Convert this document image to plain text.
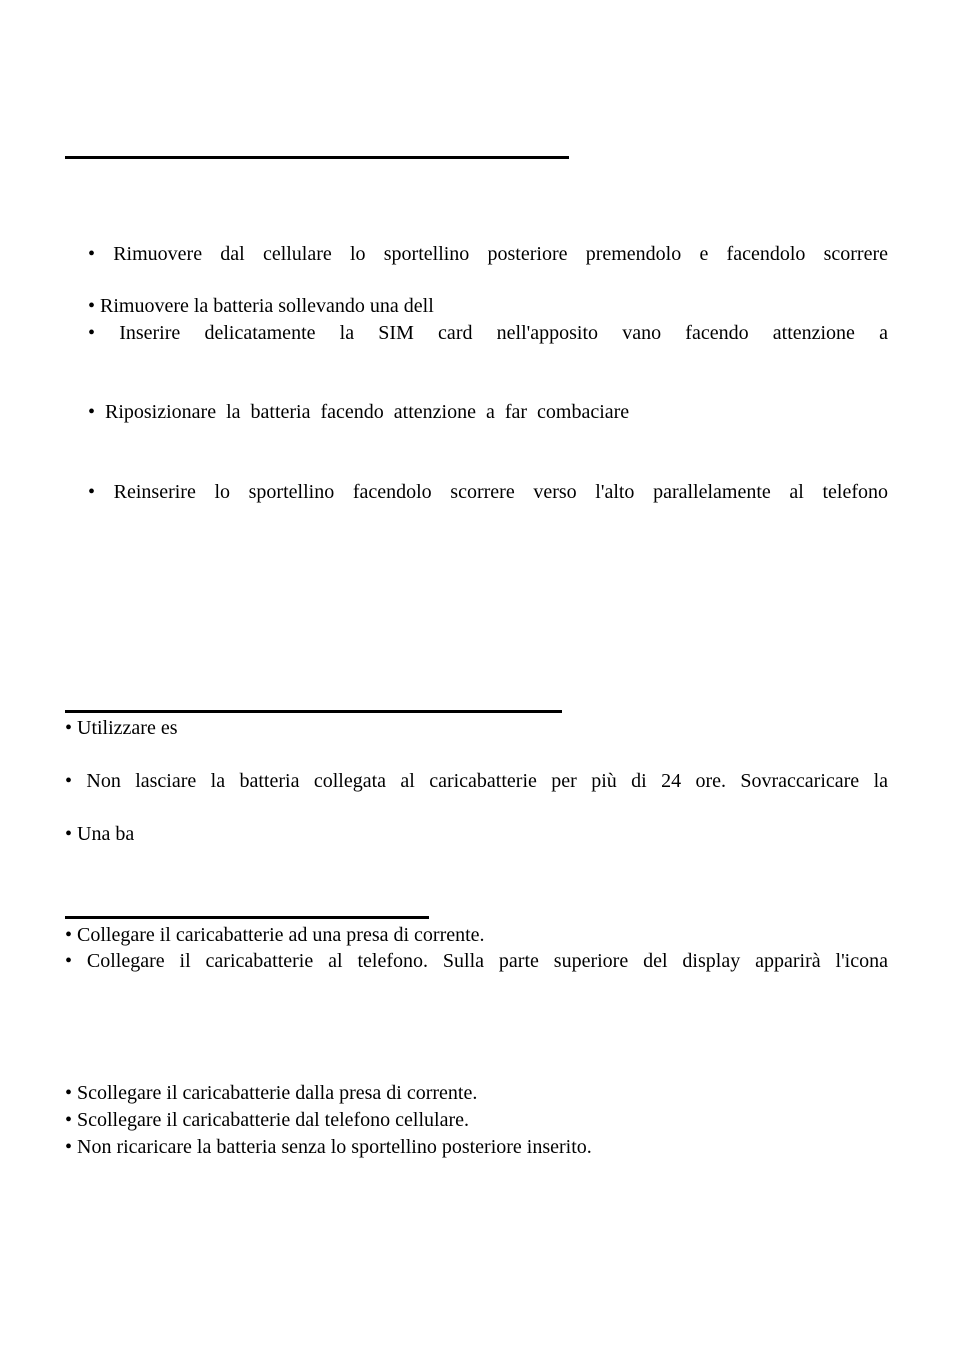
• Rimuovere dal cellulare lo sportellino posteriore premendolo e facendolo scorrere
• Rimuovere la batteria sollevando una dell
• Inserire delicatamente la SIM card nell'apposito vano facendo attenzione a
• Riposizionare la batteria facendo attenzione a far combaciare
• Reinserire lo sportellino facendolo scorrere verso l'alto parallelamente al telefono
• Utilizzare es
• Non lasciare la batteria collegata al caricabatterie per più di 24 ore. Sovraccaricare la
• Una ba
• Collegare il caricabatterie ad una presa di corrente.
• Collegare il caricabatterie al telefono. Sulla parte superiore del display apparirà l'icona
• Scollegare il caricabatterie dalla presa di corrente.
• Scollegare il caricabatterie dal telefono cellulare.
• Non ricaricare la batteria senza lo sportellino posteriore inserito.
